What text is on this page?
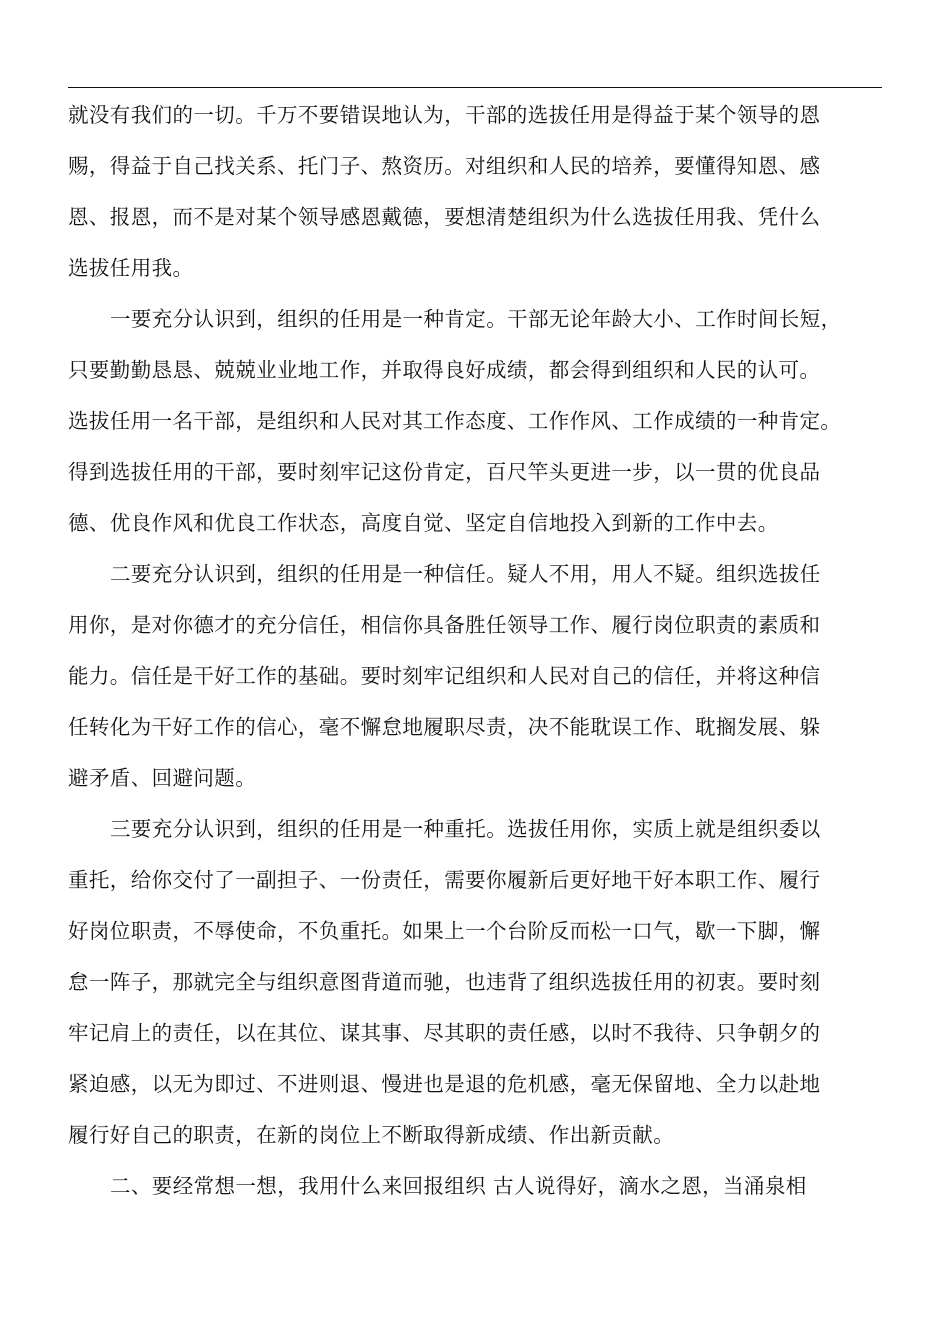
就没有我们的一切。千万不要错误地认为，干部的选拔任用是得益于某个领导的恩
赐，得益于自己找关系、托门子、熬资历。对组织和人民的培养，要懂得知恩、感
恩、报恩，而不是对某个领导感恩戴德，要想清楚组织为什么选拔任用我、凭什么
选拔任用我。

一要充分认识到，组织的任用是一种肯定。干部无论年龄大小、工作时间长短，
只要勤勤恳恳、兢兢业业地工作，并取得良好成绩，都会得到组织和人民的认可。
选拔任用一名干部，是组织和人民对其工作态度、工作作风、工作成绩的一种肯定。
得到选拔任用的干部，要时刻牢记这份肯定，百尺竿头更进一步，以一贯的优良品
德、优良作风和优良工作状态，高度自觉、坚定自信地投入到新的工作中去。

二要充分认识到，组织的任用是一种信任。疑人不用，用人不疑。组织选拔任
用你，是对你德才的充分信任，相信你具备胜任领导工作、履行岗位职责的素质和
能力。信任是干好工作的基础。要时刻牢记组织和人民对自己的信任，并将这种信
任转化为干好工作的信心，毫不懈怠地履职尽责，决不能耽误工作、耽搁发展、躲
避矛盾、回避问题。

三要充分认识到，组织的任用是一种重托。选拔任用你，实质上就是组织委以
重托，给你交付了一副担子、一份责任，需要你履新后更好地干好本职工作、履行
好岗位职责，不辱使命，不负重托。如果上一个台阶反而松一口气，歇一下脚，懈
怠一阵子，那就完全与组织意图背道而驰，也违背了组织选拔任用的初衷。要时刻
牢记肩上的责任，以在其位、谋其事、尽其职的责任感，以时不我待、只争朝夕的
紧迫感，以无为即过、不进则退、慢进也是退的危机感，毫无保留地、全力以赴地
履行好自己的职责，在新的岗位上不断取得新成绩、作出新贡献。

二、要经常想一想，我用什么来回报组织 古人说得好，滴水之恩，当涌泉相
